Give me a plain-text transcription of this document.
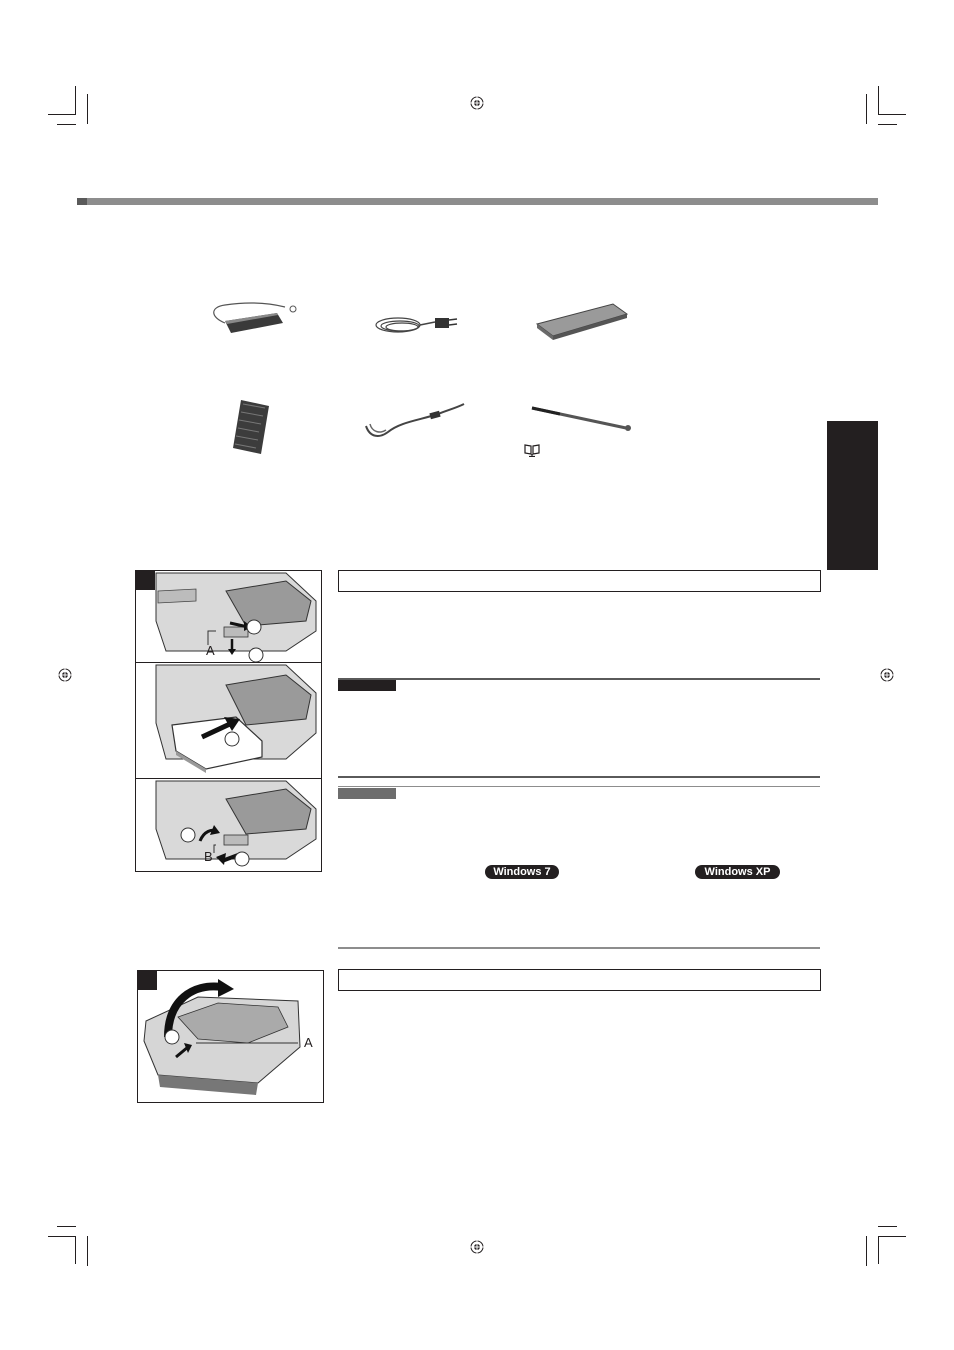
A
B
A
Windows 7	Windows XP
